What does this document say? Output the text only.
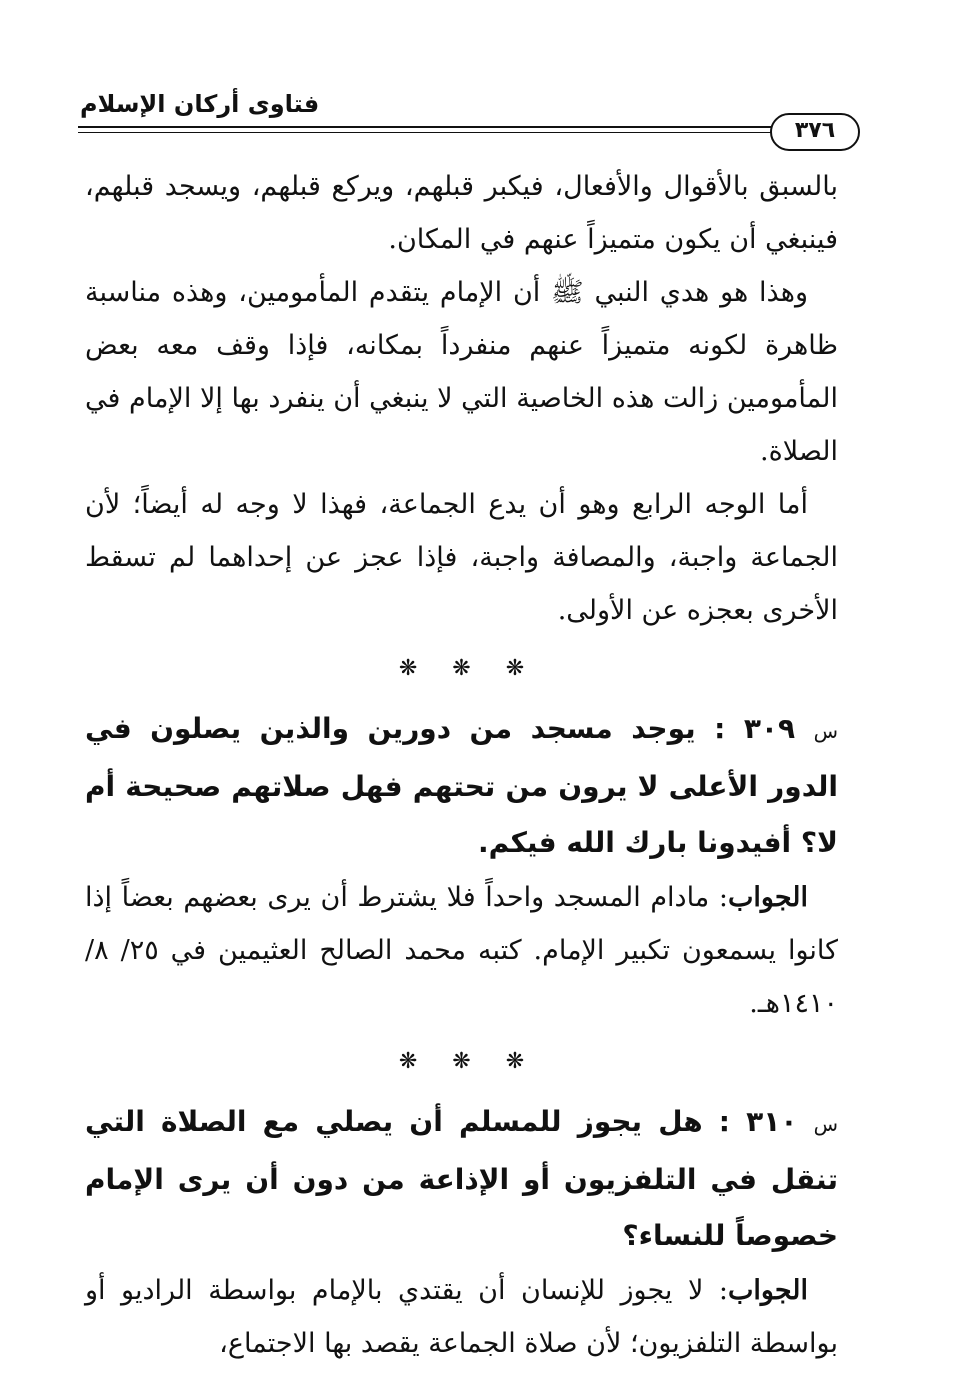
فتاوى أركان الإسلام
٣٧٦

بالسبق بالأقوال والأفعال، فيكبر قبلهم، ويركع قبلهم، ويسجد قبلهم، فينبغي أن يكون متميزاً عنهم في المكان.

وهذا هو هدي النبي ﷺ أن الإمام يتقدم المأمومين، وهذه مناسبة ظاهرة لكونه متميزاً عنهم منفرداً بمكانه، فإذا وقف معه بعض المأمومين زالت هذه الخاصية التي لا ينبغي أن ينفرد بها إلا الإمام في الصلاة.

أما الوجه الرابع وهو أن يدع الجماعة، فهذا لا وجه له أيضاً؛ لأن الجماعة واجبة، والمصافة واجبة، فإذا عجز عن إحداهما لم تسقط الأخرى بعجزه عن الأولى.

❋ ❋ ❋

س ٣٠٩ : يوجد مسجد من دورين والذين يصلون في الدور الأعلى لا يرون من تحتهم فهل صلاتهم صحيحة أم لا؟ أفيدونا بارك الله فيكم.

الجواب: مادام المسجد واحداً فلا يشترط أن يرى بعضهم بعضاً إذا كانوا يسمعون تكبير الإمام. كتبه محمد الصالح العثيمين في ٢٥/ ٨/ ١٤١٠هـ.

❋ ❋ ❋

س ٣١٠ : هل يجوز للمسلم أن يصلي مع الصلاة التي تنقل في التلفزيون أو الإذاعة من دون أن يرى الإمام خصوصاً للنساء؟

الجواب: لا يجوز للإنسان أن يقتدي بالإمام بواسطة الراديو أو بواسطة التلفزيون؛ لأن صلاة الجماعة يقصد بها الاجتماع،
